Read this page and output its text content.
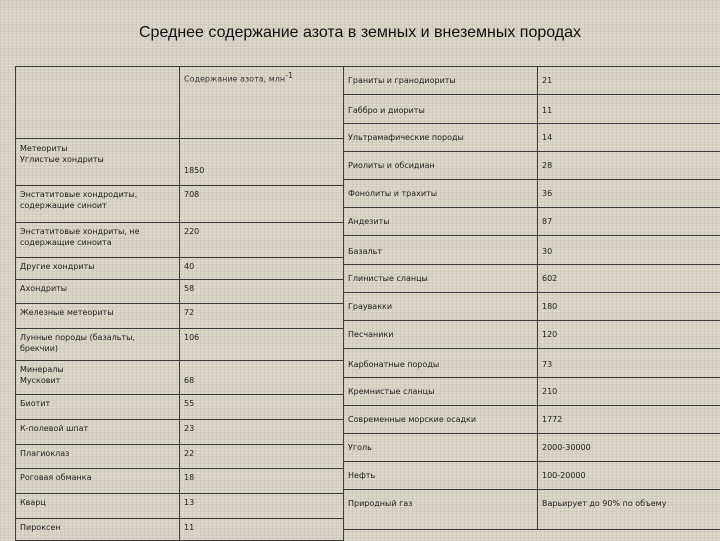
Среднее содержание азота в земных и внеземных породах
	Содержание азота, млн$^{-1}$
Метеориты
Углистые хондриты	1850
Энстатитовые хондродиты, содержащие синоит	708
Энстатитовые хондриты, не содержащие синоита	220
Другие хондриты	40
Ахондриты	58
Железные метеориты	72
Лунные породы (базальты, брекчии)	106
Минералы
Мусковит	68
Биотит	55
К-полевой шпат	23
Плагиоклаз	22
Роговая обманка	18
Кварц	13
Пироксен	11
Граниты и гранодиориты	21
Габбро и диориты	11
Ультрамафические породы	14
Риолиты и обсидиан	28
Фонолиты и трахиты	36
Андезиты	87
Базальт	30
Глинистые сланцы	602
Граувакки	180
Песчаники	120
Карбонатные породы	73
Кремнистые сланцы	210
Современные морские осадки	1772
Уголь	2000-30000
Нефть	100-20000
Природный газ	Варьирует до 90% по объему
